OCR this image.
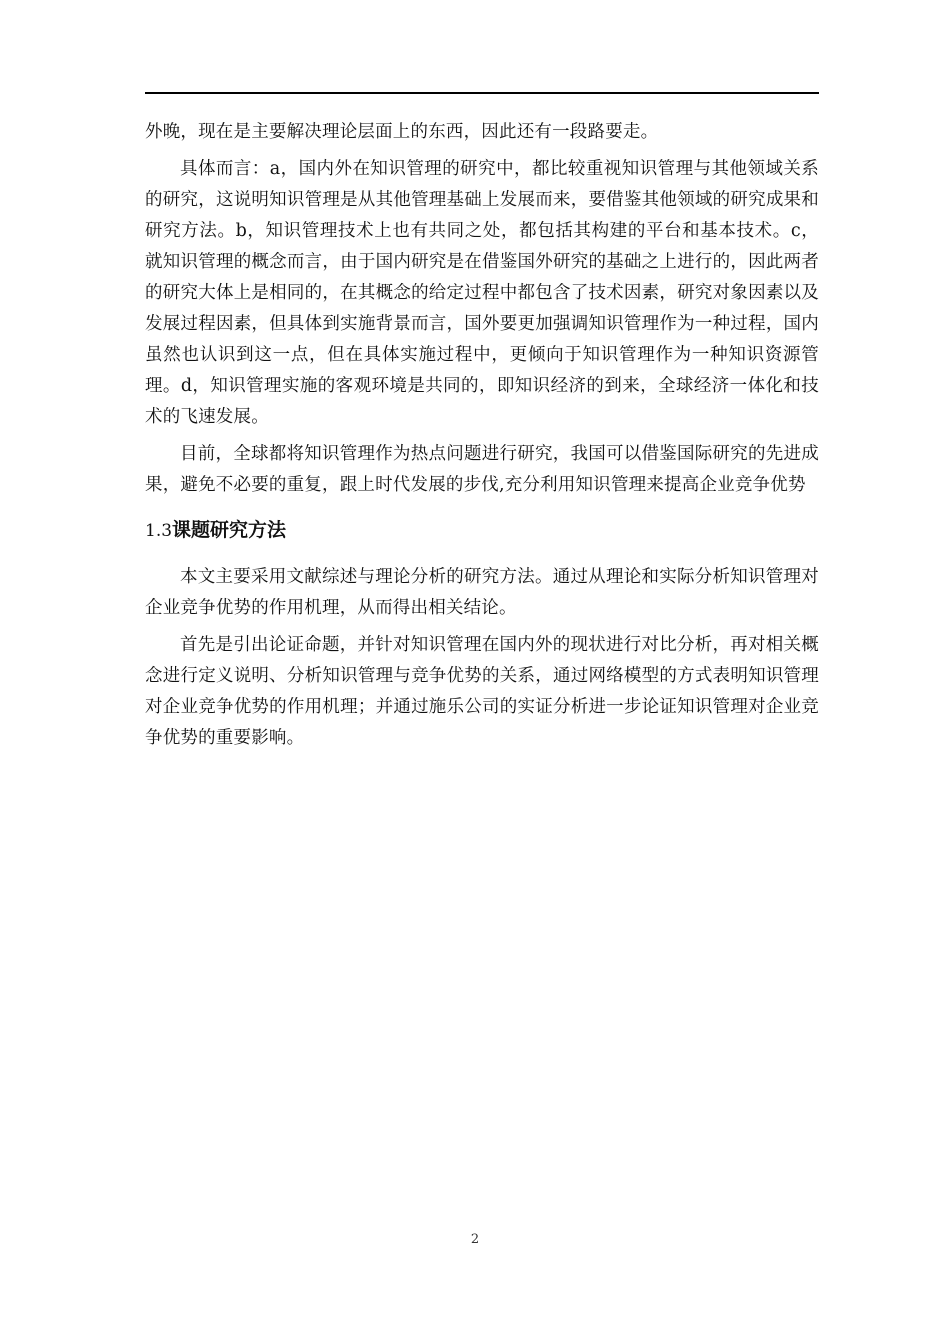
外晚，现在是主要解决理论层面上的东西，因此还有一段路要走。

具体而言：a，国内外在知识管理的研究中，都比较重视知识管理与其他领域关系的研究，这说明知识管理是从其他管理基础上发展而来，要借鉴其他领域的研究成果和研究方法。b，知识管理技术上也有共同之处，都包括其构建的平台和基本技术。c，就知识管理的概念而言，由于国内研究是在借鉴国外研究的基础之上进行的，因此两者的研究大体上是相同的，在其概念的给定过程中都包含了技术因素，研究对象因素以及发展过程因素，但具体到实施背景而言，国外要更加强调知识管理作为一种过程，国内虽然也认识到这一点，但在具体实施过程中，更倾向于知识管理作为一种知识资源管理。d，知识管理实施的客观环境是共同的，即知识经济的到来，全球经济一体化和技术的飞速发展。

目前，全球都将知识管理作为热点问题进行研究，我国可以借鉴国际研究的先进成果，避免不必要的重复，跟上时代发展的步伐,充分利用知识管理来提高企业竞争优势

1.3课题研究方法

本文主要采用文献综述与理论分析的研究方法。通过从理论和实际分析知识管理对企业竞争优势的作用机理，从而得出相关结论。

首先是引出论证命题，并针对知识管理在国内外的现状进行对比分析，再对相关概念进行定义说明、分析知识管理与竞争优势的关系，通过网络模型的方式表明知识管理对企业竞争优势的作用机理；并通过施乐公司的实证分析进一步论证知识管理对企业竞争优势的重要影响。

2
